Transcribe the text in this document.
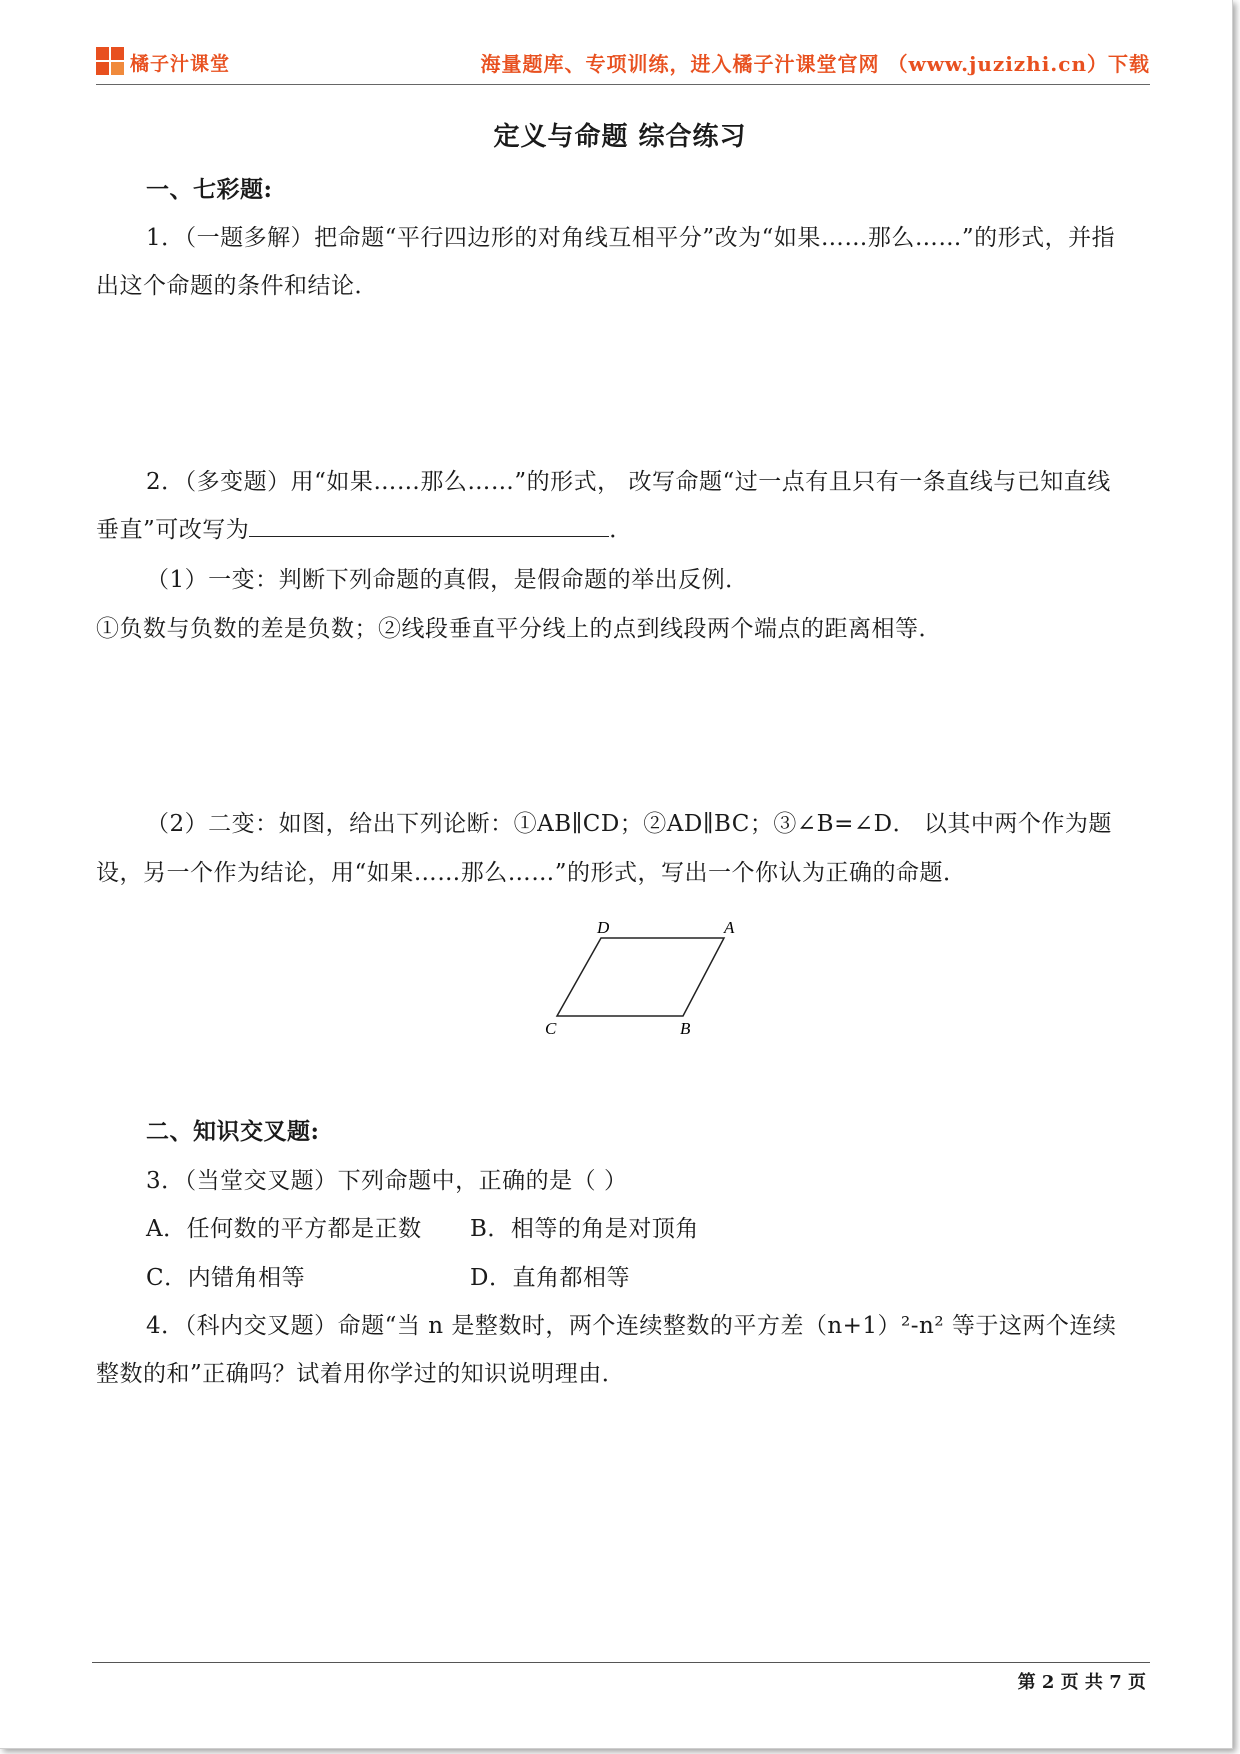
橘子汁课堂	海量题库、专项训练，进入橘子汁课堂官网 （www.juzizhi.cn）下载
定义与命题 综合练习
一、七彩题:
1．（一题多解）把命题“平行四边形的对角线互相平分”改为“如果……那么……”的形式，并指
出这个命题的条件和结论．
2．（多变题）用“如果……那么……”的形式， 改写命题“过一点有且只有一条直线与已知直线
垂直”可改写为	．
（1）一变：判断下列命题的真假，是假命题的举出反例．
①负数与负数的差是负数；②线段垂直平分线上的点到线段两个端点的距离相等．
（2）二变：如图，给出下列论断：①AB∥CD；②AD∥BC；③∠B=∠D． 以其中两个作为题
设，另一个作为结论，用“如果……那么……”的形式，写出一个你认为正确的命题．
D	A
C	B
二、知识交叉题:
3．（当堂交叉题）下列命题中，正确的是（ ）
A．任何数的平方都是正数 B．相等的角是对顶角
C．内错角相等	D．直角都相等
4．（科内交叉题）命题“当 n 是整数时，两个连续整数的平方差（n+1）²-n² 等于这两个连续
整数的和”正确吗？试着用你学过的知识说明理由．
第 2 页 共 7 页
